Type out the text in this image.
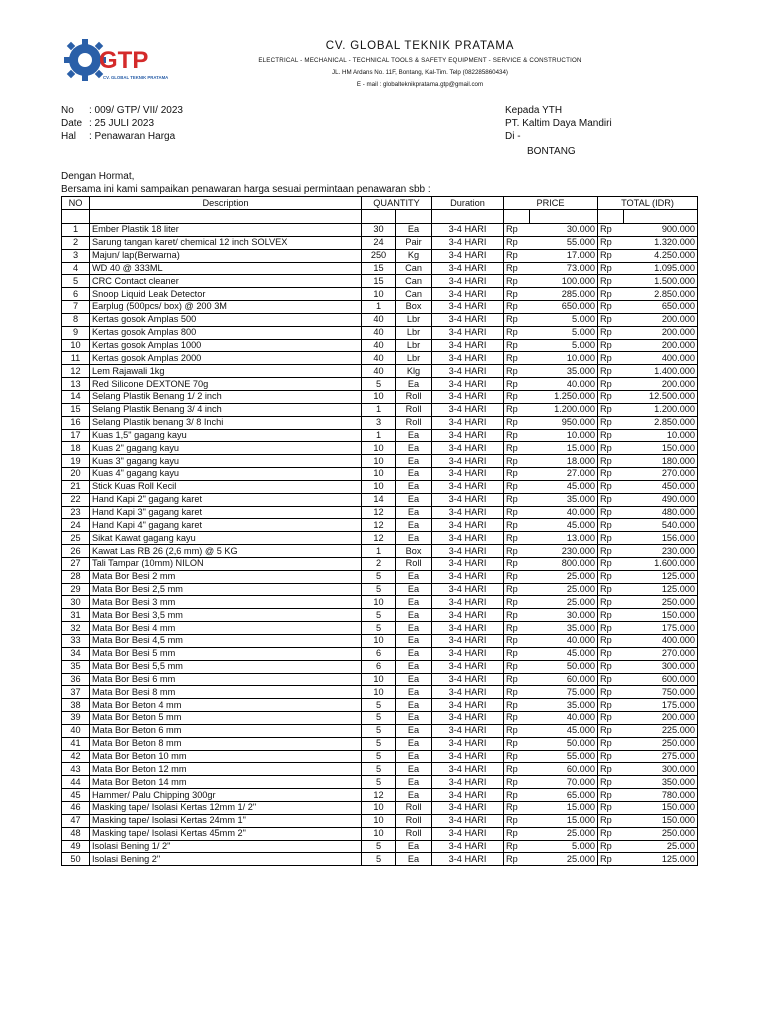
GTP
CV. GLOBAL TEKNIK PRATAMA
CV. GLOBAL TEKNIK PRATAMA
ELECTRICAL - MECHANICAL - TECHNICAL TOOLS & SAFETY EQUIPMENT - SERVICE & CONSTRUCTION
JL. HM Ardans No. 11F, Bontang, Kal-Tim. Telp (082285860434)
E - mail : globalteknikpratama.gtp@gmail.com
No	: 009/ GTP/ VII/ 2023
Date : 25 JULI 2023
Hal	: Penawaran Harga
Kepada YTH
PT. Kaltim Daya Mandiri
Di -
BONTANG
Dengan Hormat,
Bersama ini kami sampaikan penawaran harga sesuai permintaan penawaran sbb :
NO	Description	QUANTITY		Duration	PRICE		TOTAL (IDR)	

1	Ember Plastik 18 liter	30	Ea	3-4 HARI	Rp	30.000	Rp	900.000
2	Sarung tangan karet/ chemical 12 inch SOLVEX	24	Pair	3-4 HARI	Rp	55.000	Rp	1.320.000
3	Majun/ lap(Berwarna)	250	Kg	3-4 HARI	Rp	17.000	Rp	4.250.000
4	WD 40 @ 333ML	15	Can	3-4 HARI	Rp	73.000	Rp	1.095.000
5	CRC Contact cleaner	15	Can	3-4 HARI	Rp	100.000	Rp	1.500.000
6	Snoop Liquid Leak Detector	10	Can	3-4 HARI	Rp	285.000	Rp	2.850.000
7	Earplug (500pcs/ box) @ 200 3M	1	Box	3-4 HARI	Rp	650.000	Rp	650.000
8	Kertas gosok Amplas 500	40	Lbr	3-4 HARI	Rp	5.000	Rp	200.000
9	Kertas gosok Amplas 800	40	Lbr	3-4 HARI	Rp	5.000	Rp	200.000
10	Kertas gosok Amplas 1000	40	Lbr	3-4 HARI	Rp	5.000	Rp	200.000
11	Kertas gosok Amplas 2000	40	Lbr	3-4 HARI	Rp	10.000	Rp	400.000
12	Lem Rajawali 1kg	40	Klg	3-4 HARI	Rp	35.000	Rp	1.400.000
13	Red Silicone DEXTONE 70g	5	Ea	3-4 HARI	Rp	40.000	Rp	200.000
14	Selang Plastik Benang 1/ 2 inch	10	Roll	3-4 HARI	Rp	1.250.000	Rp	12.500.000
15	Selang Plastik Benang 3/ 4 inch	1	Roll	3-4 HARI	Rp	1.200.000	Rp	1.200.000
16	Selang Plastik benang 3/ 8 Inchi	3	Roll	3-4 HARI	Rp	950.000	Rp	2.850.000
17	Kuas 1,5" gagang kayu	1	Ea	3-4 HARI	Rp	10.000	Rp	10.000
18	Kuas 2" gagang kayu	10	Ea	3-4 HARI	Rp	15.000	Rp	150.000
19	Kuas 3" gagang kayu	10	Ea	3-4 HARI	Rp	18.000	Rp	180.000
20	Kuas 4" gagang kayu	10	Ea	3-4 HARI	Rp	27.000	Rp	270.000
21	Stick Kuas Roll Kecil	10	Ea	3-4 HARI	Rp	45.000	Rp	450.000
22	Hand Kapi 2" gagang karet	14	Ea	3-4 HARI	Rp	35.000	Rp	490.000
23	Hand Kapi 3" gagang karet	12	Ea	3-4 HARI	Rp	40.000	Rp	480.000
24	Hand Kapi 4" gagang karet	12	Ea	3-4 HARI	Rp	45.000	Rp	540.000
25	Sikat Kawat gagang kayu	12	Ea	3-4 HARI	Rp	13.000	Rp	156.000
26	Kawat Las RB 26 (2,6 mm) @ 5 KG	1	Box	3-4 HARI	Rp	230.000	Rp	230.000
27	Tali Tampar (10mm) NILON	2	Roll	3-4 HARI	Rp	800.000	Rp	1.600.000
28	Mata Bor Besi 2 mm	5	Ea	3-4 HARI	Rp	25.000	Rp	125.000
29	Mata Bor Besi 2,5 mm	5	Ea	3-4 HARI	Rp	25.000	Rp	125.000
30	Mata Bor Besi 3 mm	10	Ea	3-4 HARI	Rp	25.000	Rp	250.000
31	Mata Bor Besi 3,5 mm	5	Ea	3-4 HARI	Rp	30.000	Rp	150.000
32	Mata Bor Besi 4 mm	5	Ea	3-4 HARI	Rp	35.000	Rp	175.000
33	Mata Bor Besi 4,5 mm	10	Ea	3-4 HARI	Rp	40.000	Rp	400.000
34	Mata Bor Besi 5 mm	6	Ea	3-4 HARI	Rp	45.000	Rp	270.000
35	Mata Bor Besi 5,5 mm	6	Ea	3-4 HARI	Rp	50.000	Rp	300.000
36	Mata Bor Besi 6 mm	10	Ea	3-4 HARI	Rp	60.000	Rp	600.000
37	Mata Bor Besi 8 mm	10	Ea	3-4 HARI	Rp	75.000	Rp	750.000
38	Mata Bor Beton 4 mm	5	Ea	3-4 HARI	Rp	35.000	Rp	175.000
39	Mata Bor Beton 5 mm	5	Ea	3-4 HARI	Rp	40.000	Rp	200.000
40	Mata Bor Beton 6 mm	5	Ea	3-4 HARI	Rp	45.000	Rp	225.000
41	Mata Bor Beton 8 mm	5	Ea	3-4 HARI	Rp	50.000	Rp	250.000
42	Mata Bor Beton 10 mm	5	Ea	3-4 HARI	Rp	55.000	Rp	275.000
43	Mata Bor Beton 12 mm	5	Ea	3-4 HARI	Rp	60.000	Rp	300.000
44	Mata Bor Beton 14 mm	5	Ea	3-4 HARI	Rp	70.000	Rp	350.000
45	Hammer/ Palu Chipping 300gr	12	Ea	3-4 HARI	Rp	65.000	Rp	780.000
46	Masking tape/ Isolasi Kertas 12mm 1/ 2"	10	Roll	3-4 HARI	Rp	15.000	Rp	150.000
47	Masking tape/ Isolasi Kertas 24mm 1"	10	Roll	3-4 HARI	Rp	15.000	Rp	150.000
48	Masking tape/ Isolasi Kertas 45mm 2"	10	Roll	3-4 HARI	Rp	25.000	Rp	250.000
49	Isolasi Bening 1/ 2"	5	Ea	3-4 HARI	Rp	5.000	Rp	25.000
50	Isolasi Bening 2"	5	Ea	3-4 HARI	Rp	25.000	Rp	125.000
